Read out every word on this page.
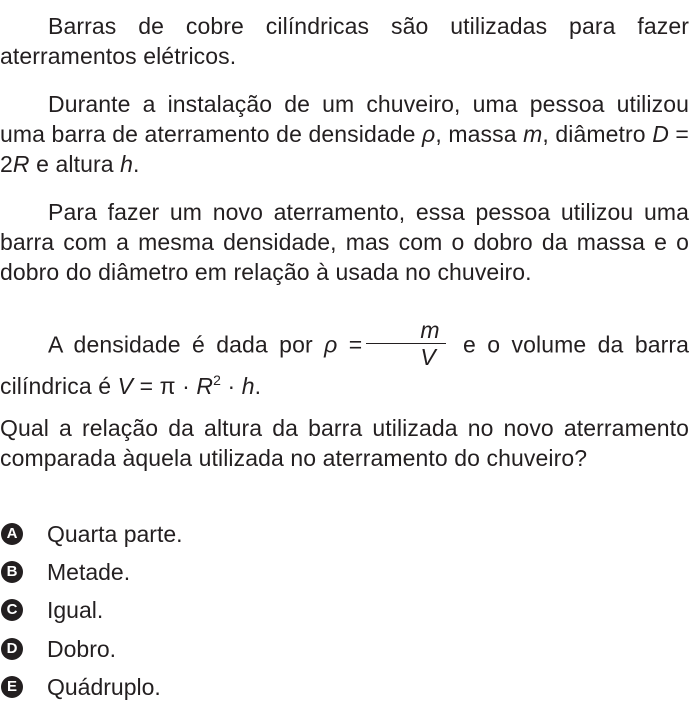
Barras de cobre cilíndricas são utilizadas para fazer aterramentos elétricos.
Durante a instalação de um chuveiro, uma pessoa utilizou uma barra de aterramento de densidade ρ, massa m, diâmetro D = 2R e altura h.
Para fazer um novo aterramento, essa pessoa utilizou uma barra com a mesma densidade, mas com o dobro da massa e o dobro do diâmetro em relação à usada no chuveiro.
A densidade é dada por $\rho = \frac{m}{V}$ e o volume da barra
cilíndrica é $V = \pi \cdot R^2 \cdot h$.
Qual a relação da altura da barra utilizada no novo aterramento comparada àquela utilizada no aterramento do chuveiro?
A Quarta parte.
B Metade.
C Igual.
D Dobro.
E Quádruplo.
